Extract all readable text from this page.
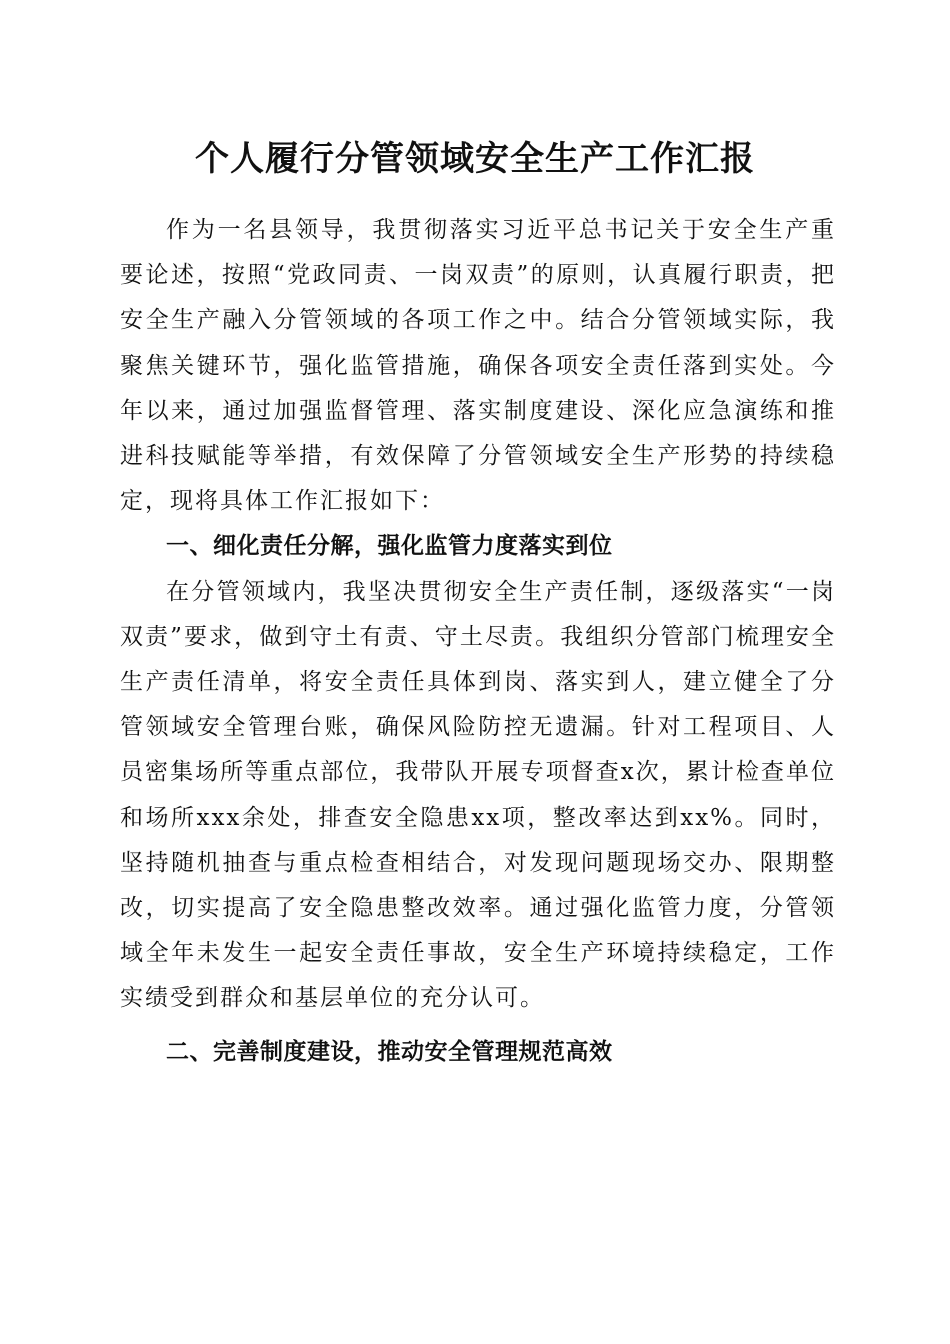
个人履行分管领域安全生产工作汇报

作为一名县领导，我贯彻落实习近平总书记关于安全生产重要论述，按照“党政同责、一岗双责”的原则，认真履行职责，把安全生产融入分管领域的各项工作之中。结合分管领域实际，我聚焦关键环节，强化监管措施，确保各项安全责任落到实处。今年以来，通过加强监督管理、落实制度建设、深化应急演练和推进科技赋能等举措，有效保障了分管领域安全生产形势的持续稳定，现将具体工作汇报如下：

一、细化责任分解，强化监管力度落实到位

在分管领域内，我坚决贯彻安全生产责任制，逐级落实“一岗双责”要求，做到守土有责、守土尽责。我组织分管部门梳理安全生产责任清单，将安全责任具体到岗、落实到人，建立健全了分管领域安全管理台账，确保风险防控无遗漏。针对工程项目、人员密集场所等重点部位，我带队开展专项督查x次，累计检查单位和场所xxx余处，排查安全隐患xx项，整改率达到xx%。同时，坚持随机抽查与重点检查相结合，对发现问题现场交办、限期整改，切实提高了安全隐患整改效率。通过强化监管力度，分管领域全年未发生一起安全责任事故，安全生产环境持续稳定，工作实绩受到群众和基层单位的充分认可。

二、完善制度建设，推动安全管理规范高效
